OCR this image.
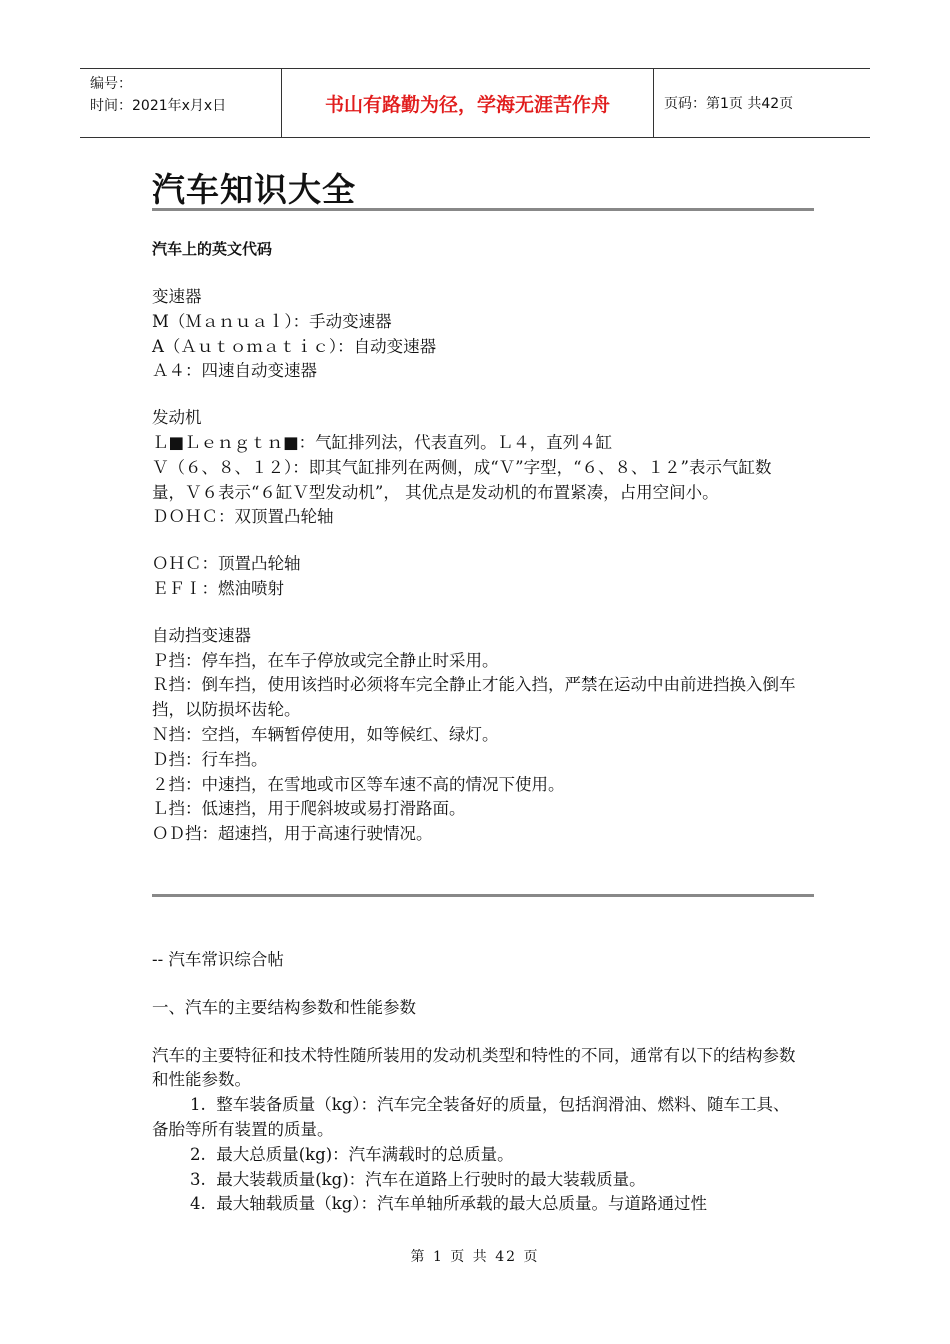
编号：
时间：2021年x月x日	书山有路勤为径，学海无涯苦作舟	页码：第1页 共42页
汽车知识大全
汽车上的英文代码
变速器
M（Ｍａｎｕａｌ）：手动变速器
A（Ａｕｔｏｍａｔｉｃ）：自动变速器
Ａ４：四速自动变速器
发动机
Ｌ■Ｌｅｎｇｔｎ■：气缸排列法，代表直列。Ｌ４，直列４缸
Ｖ（６、８、１２）：即其气缸排列在两侧，成“Ｖ”字型，“６、８、１２”表示气缸数量，Ｖ６表示“６缸Ｖ型发动机”， 其优点是发动机的布置紧凑，占用空间小。
ＤＯＨＣ：双顶置凸轮轴
ＯＨＣ：顶置凸轮轴
ＥＦＩ：燃油喷射
自动挡变速器
Ｐ挡：停车挡，在车子停放或完全静止时采用。
Ｒ挡：倒车挡，使用该挡时必须将车完全静止才能入挡，严禁在运动中由前进挡换入倒车挡，以防损坏齿轮。
Ｎ挡：空挡，车辆暂停使用，如等候红、绿灯。
Ｄ挡：行车挡。
２挡：中速挡，在雪地或市区等车速不高的情况下使用。
Ｌ挡：低速挡，用于爬斜坡或易打滑路面。
ＯＤ挡：超速挡，用于高速行驶情况。
-- 汽车常识综合帖
一、汽车的主要结构参数和性能参数
汽车的主要特征和技术特性随所装用的发动机类型和特性的不同，通常有以下的结构参数和性能参数。
1.  整车装备质量（kg）：汽车完全装备好的质量，包括润滑油、燃料、随车工具、备胎等所有装置的质量。
2.  最大总质量(kg)：汽车满载时的总质量。
3.  最大装载质量(kg)：汽车在道路上行驶时的最大装载质量。
4.  最大轴载质量（kg）：汽车单轴所承载的最大总质量。与道路通过性
第 1 页 共 42 页
